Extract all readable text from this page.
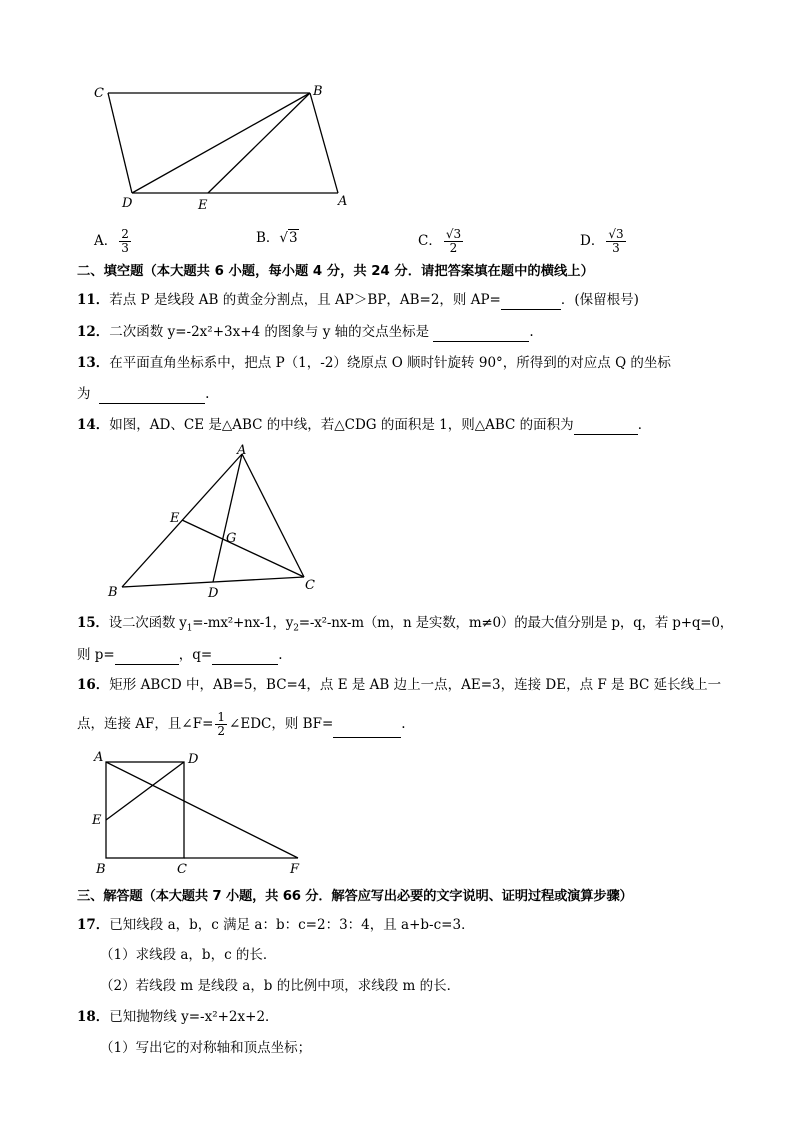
C	B
D	E	A
A． $\frac{2}{3}$	B．√3	C． $\frac{√3}{2}$	D． $\frac{√3}{3}$
二、填空题（本大题共 6 小题，每小题 4 分，共 24 分．请把答案填在题中的横线上）
11．若点 P 是线段 AB 的黄金分割点，且 AP＞BP，AB=2，则 AP=	．(保留根号)
12．二次函数 y=-2x²+3x+4 的图象与 y 轴的交点坐标是	.
13．在平面直角坐标系中，把点 P（1，-2）绕原点 O 顺时针旋转 90°，所得到的对应点 Q 的坐标
为	.
14．如图，AD、CE 是△ABC 的中线，若△CDG 的面积是 1，则△ABC 的面积为	．
A
E
G
B	D
C
15．设二次函数 $y_1=-mx^2+nx-1$，$y_2=-x^2-nx-m(m$，n 是实数，m≠0）的最大值分别是 p，q，若 p+q=0，
则 p=	，q=	.
16．矩形 ABCD 中，AB=5，BC=4，点 E 是 AB 边上一点，AE=3，连接 DE，点 F 是 BC 延长线上一
点，连接 AF，且∠F= $\frac{1}{2}$ ∠EDC，则 BF=	.
A	D
E
B	C	F
三、解答题（本大题共 7 小题，共 66 分．解答应写出必要的文字说明、证明过程或演算步骤）
17．已知线段 a，b，c 满足 a：b：c=2：3：4，且 a+b-c=3．
（1）求线段 a，b，c 的长．
（2）若线段 m 是线段 a，b 的比例中项，求线段 m 的长．
18．已知抛物线 y=-x²+2x+2．
（1）写出它的对称轴和顶点坐标；
